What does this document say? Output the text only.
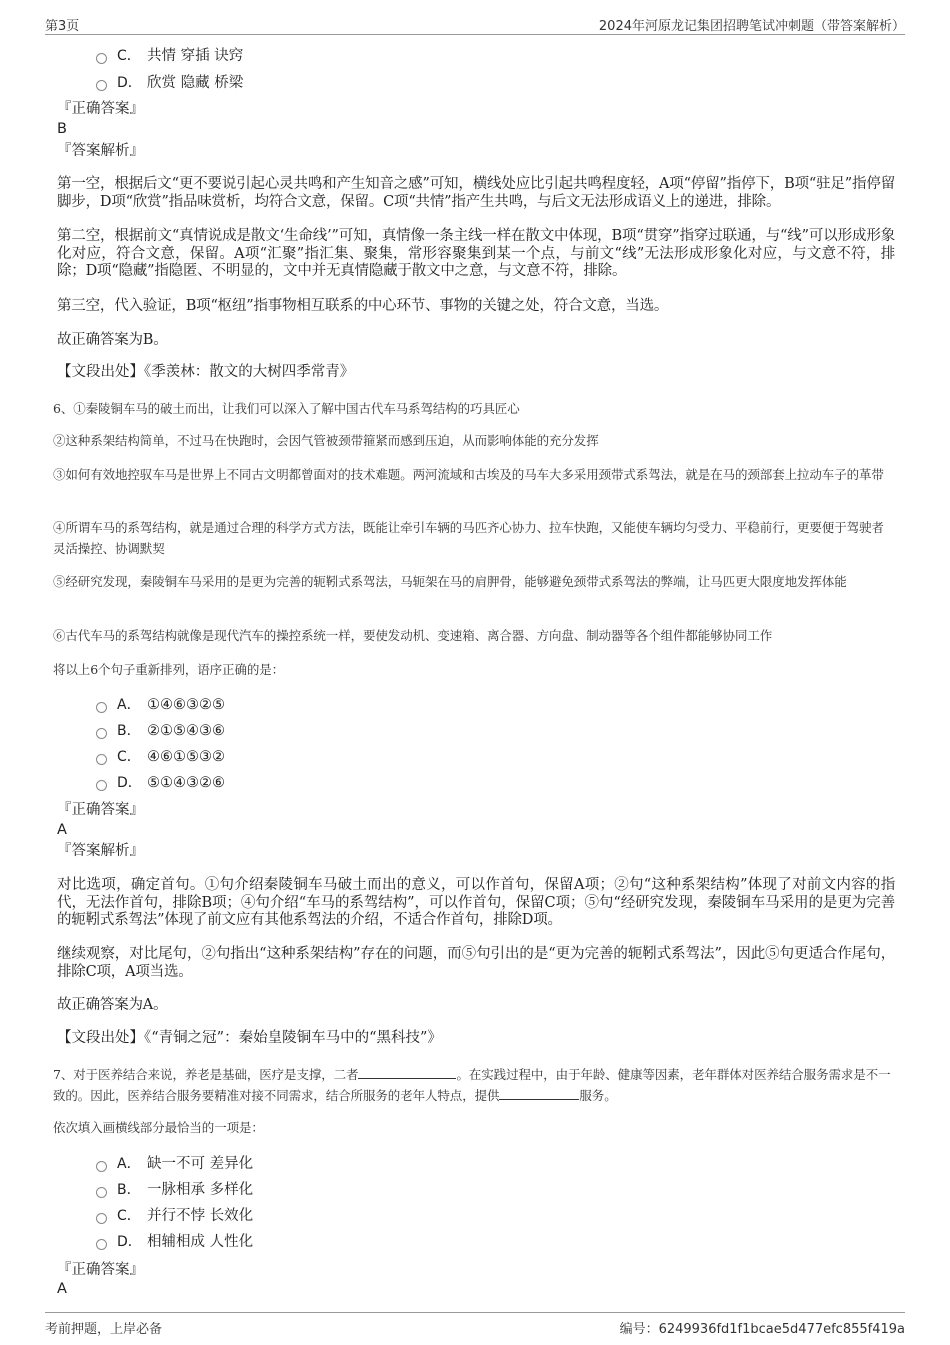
第3页	2024年河原龙记集团招聘笔试冲刺题（带答案解析）
C． 共情 穿插 诀窍
D． 欣赏 隐藏 桥梁
『正确答案』
B
『答案解析』
第一空，根据后文“更不要说引起心灵共鸣和产生知音之感”可知，横线处应比引起共鸣程度轻，A项“停留”指停下，B项“驻足”指停留脚步，D项“欣赏”指品味赏析，均符合文意，保留。C项“共情”指产生共鸣，与后文无法形成语义上的递进，排除。
第二空，根据前文“真情说成是散文‘生命线’”可知，真情像一条主线一样在散文中体现，B项“贯穿”指穿过联通，与“线”可以形成形象化对应，符合文意，保留。A项“汇聚”指汇集、聚集，常形容聚集到某一个点，与前文“线”无法形成形象化对应，与文意不符，排除；D项“隐藏”指隐匿、不明显的，文中并无真情隐藏于散文中之意，与文意不符，排除。
第三空，代入验证，B项“枢纽”指事物相互联系的中心环节、事物的关键之处，符合文意，当选。
故正确答案为B。
【文段出处】《季羡林：散文的大树四季常青》
6、①秦陵铜车马的破土而出，让我们可以深入了解中国古代车马系驾结构的巧具匠心
②这种系架结构简单，不过马在快跑时，会因气管被颈带箍紧而感到压迫，从而影响体能的充分发挥
③如何有效地控驭车马是世界上不同古文明都曾面对的技术难题。两河流域和古埃及的马车大多采用颈带式系驾法，就是在马的颈部套上拉动车子的革带
④所谓车马的系驾结构，就是通过合理的科学方式方法，既能让牵引车辆的马匹齐心协力、拉车快跑，又能使车辆均匀受力、平稳前行，更要便于驾驶者灵活操控、协调默契
⑤经研究发现，秦陵铜车马采用的是更为完善的轭靷式系驾法，马轭架在马的肩胛骨，能够避免颈带式系驾法的弊端，让马匹更大限度地发挥体能
⑥古代车马的系驾结构就像是现代汽车的操控系统一样，要使发动机、变速箱、离合器、方向盘、制动器等各个组件都能够协同工作
将以上6个句子重新排列，语序正确的是：
A． ①④⑥③②⑤
B． ②①⑤④③⑥
C． ④⑥①⑤③②
D． ⑤①④③②⑥
『正确答案』
A
『答案解析』
对比选项，确定首句。①句介绍秦陵铜车马破土而出的意义，可以作首句，保留A项；②句“这种系架结构”体现了对前文内容的指代，无法作首句，排除B项；④句介绍“车马的系驾结构”，可以作首句，保留C项；⑤句“经研究发现，秦陵铜车马采用的是更为完善的轭靷式系驾法”体现了前文应有其他系驾法的介绍，不适合作首句，排除D项。
继续观察，对比尾句，②句指出“这种系架结构”存在的问题，而⑤句引出的是“更为完善的轭靷式系驾法”，因此⑤句更适合作尾句，排除C项，A项当选。
故正确答案为A。
【文段出处】《“青铜之冠”：秦始皇陵铜车马中的“黑科技”》
7、对于医养结合来说，养老是基础，医疗是支撑，二者	。在实践过程中，由于年龄、健康等因素，老年群体对医养结合服务需求是不一致的。因此，医养结合服务要精准对接不同需求，结合所服务的老年人特点，提供	服务。
依次填入画横线部分最恰当的一项是：
A． 缺一不可 差异化
B． 一脉相承 多样化
C． 并行不悖 长效化
D． 相辅相成 人性化
『正确答案』
A
考前押题，上岸必备	编号：6249936fd1f1bcae5d477efc855f419a
